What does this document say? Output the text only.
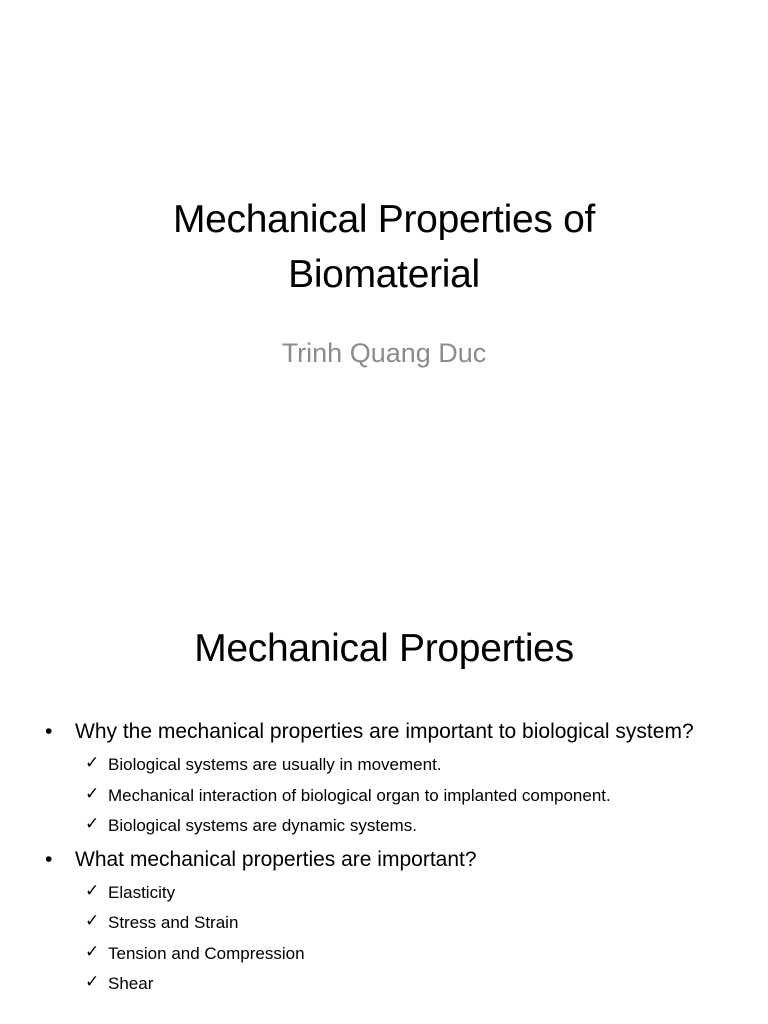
Mechanical Properties of
Biomaterial
Trinh Quang Duc
Mechanical Properties
• Why the mechanical properties are important to biological system?
✓ Biological systems are usually in movement.
✓ Mechanical interaction of biological organ to implanted component.
✓ Biological systems are dynamic systems.
• What mechanical properties are important?
✓ Elasticity
✓ Stress and Strain
✓ Tension and Compression
✓ Shear
